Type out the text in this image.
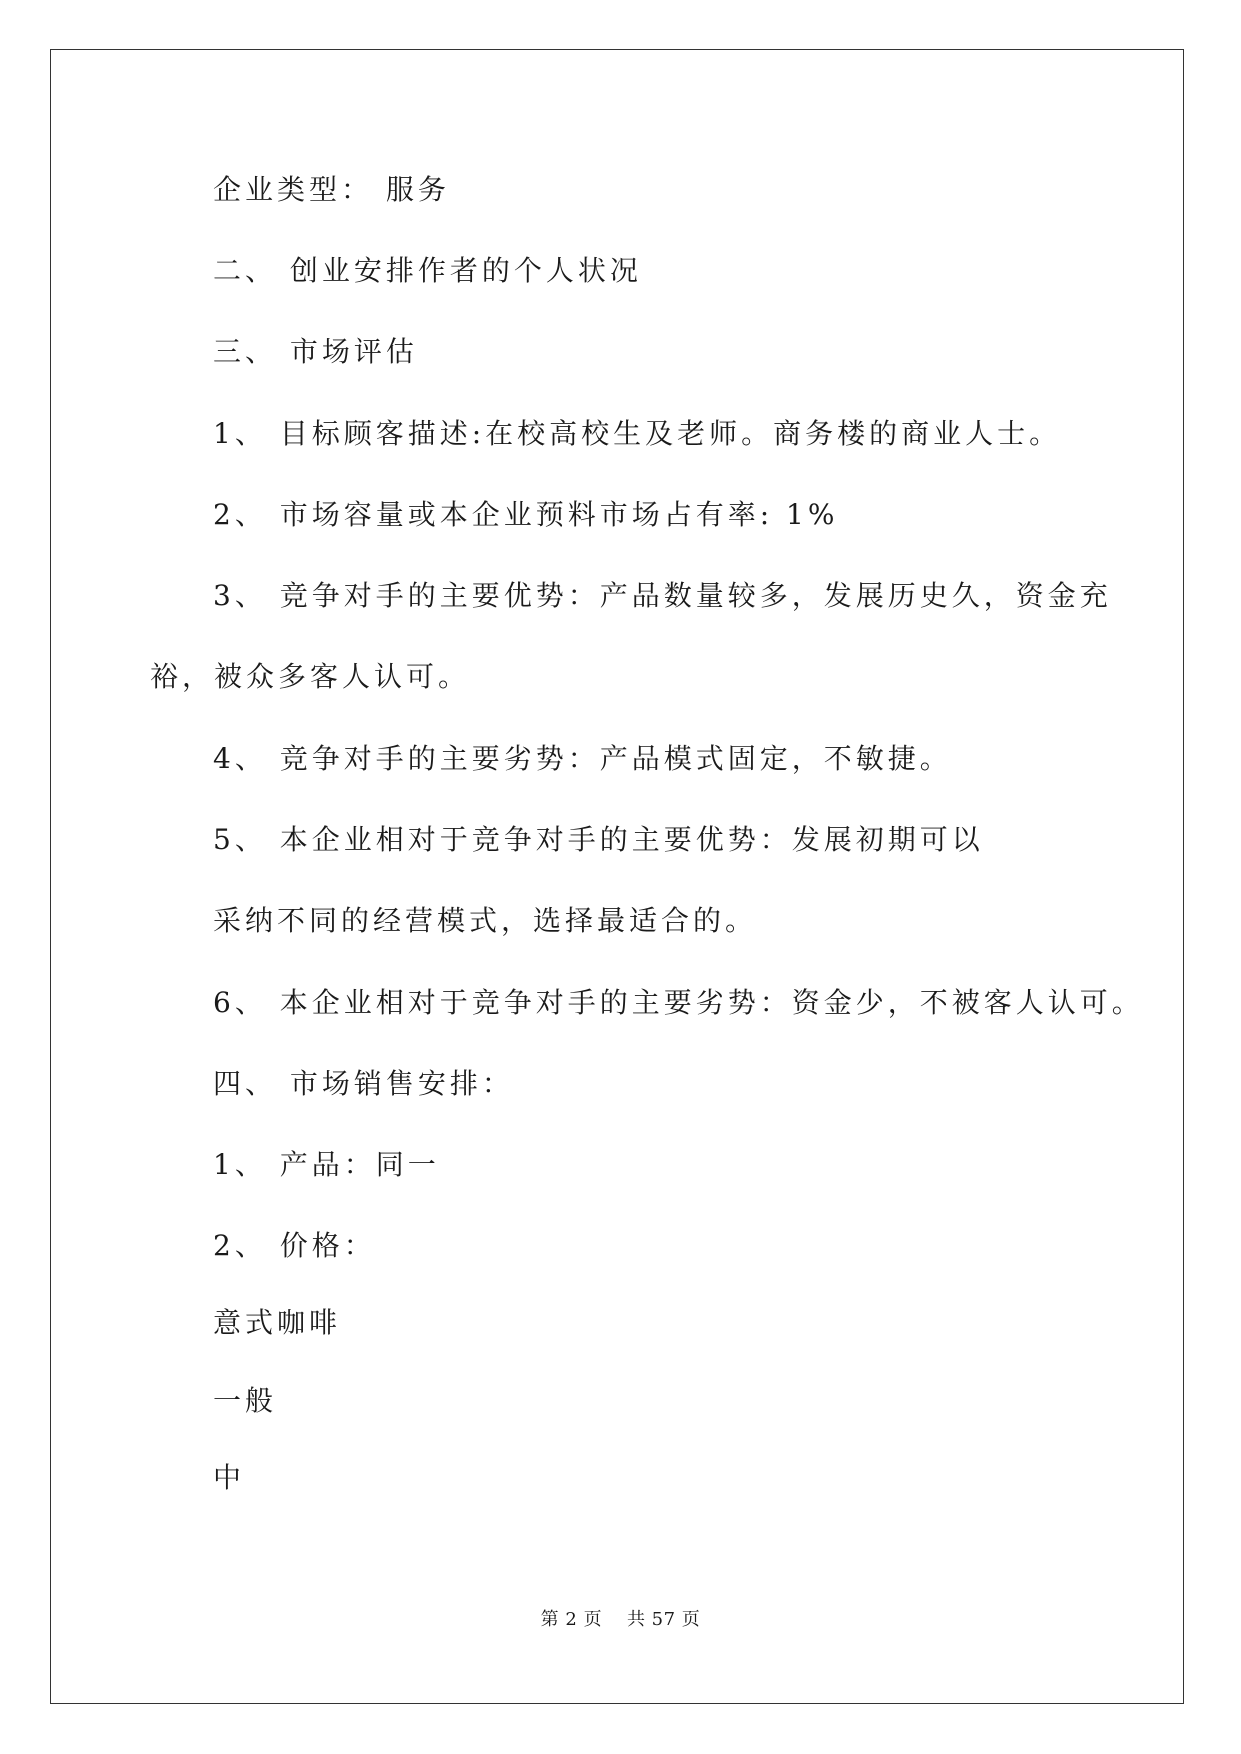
企业类型： 服务
二、 创业安排作者的个人状况
三、 市场评估
1、 目标顾客描述:在校高校生及老师。商务楼的商业人士。
2、 市场容量或本企业预料市场占有率: 1%
3、 竞争对手的主要优势：产品数量较多，发展历史久，资金充
裕，被众多客人认可。
4、 竞争对手的主要劣势：产品模式固定，不敏捷。
5、 本企业相对于竞争对手的主要优势：发展初期可以
采纳不同的经营模式，选择最适合的。
6、 本企业相对于竞争对手的主要劣势：资金少，不被客人认可。
四、 市场销售安排：
1、 产品：同一
2、 价格：
意式咖啡
一般
中
第 2 页    共 57 页
